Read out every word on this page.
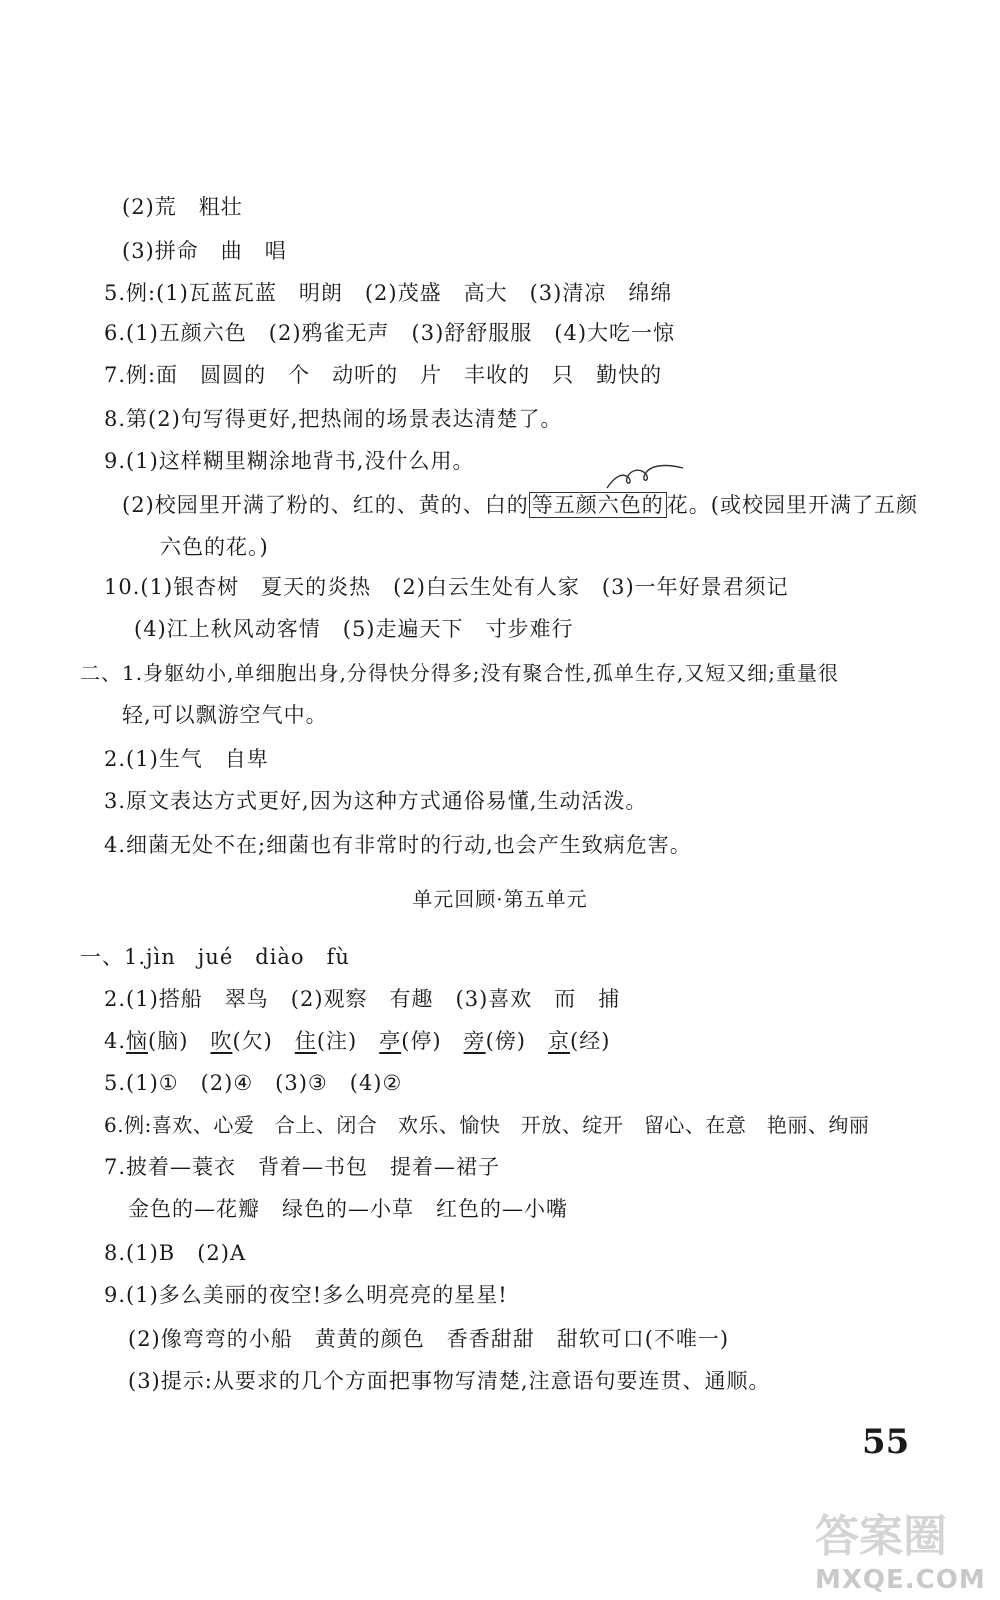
(2)荒　粗壮
(3)拼命　曲　唱
5.例:(1)瓦蓝瓦蓝　明朗　(2)茂盛　高大　(3)清凉　绵绵
6.(1)五颜六色　(2)鸦雀无声　(3)舒舒服服　(4)大吃一惊
7.例:面　圆圆的　个　动听的　片　丰收的　只　勤快的
8.第(2)句写得更好,把热闹的场景表达清楚了。
9.(1)这样糊里糊涂地背书,没什么用。
(2)校园里开满了粉的、红的、黄的、白的 等五颜六色的 花。(或校园里开满了五颜
六色的花。)
10.(1)银杏树　夏天的炎热　(2)白云生处有人家　(3)一年好景君须记
(4)江上秋风动客情　(5)走遍天下　寸步难行
二、1.身躯幼小,单细胞出身,分得快分得多;没有聚合性,孤单生存,又短又细;重量很
轻,可以飘游空气中。
2.(1)生气　自卑
3.原文表达方式更好,因为这种方式通俗易懂,生动活泼。
4.细菌无处不在;细菌也有非常时的行动,也会产生致病危害。
单元回顾·第五单元
一、1.jìn　jué　diào　fù
2.(1)搭船　翠鸟　(2)观察　有趣　(3)喜欢　而　捕
4.恼(脑)　 吹(欠)　 住(注)　 亭(停)　 旁(傍)　 京(经)
5.(1)①　(2)④　(3)③　(4)②
6.例:喜欢、心爱　合上、闭合　欢乐、愉快　开放、绽开　留心、在意　艳丽、绚丽
7.披着—蓑衣　背着—书包　提着—裙子
金色的—花瓣　绿色的—小草　红色的—小嘴
8.(1)B　(2)A
9.(1)多么美丽的夜空!多么明亮亮的星星!
(2)像弯弯的小船　黄黄的颜色　香香甜甜　甜软可口(不唯一)
(3)提示:从要求的几个方面把事物写清楚,注意语句要连贯、通顺。
55
答案圈
MXQE.COM
